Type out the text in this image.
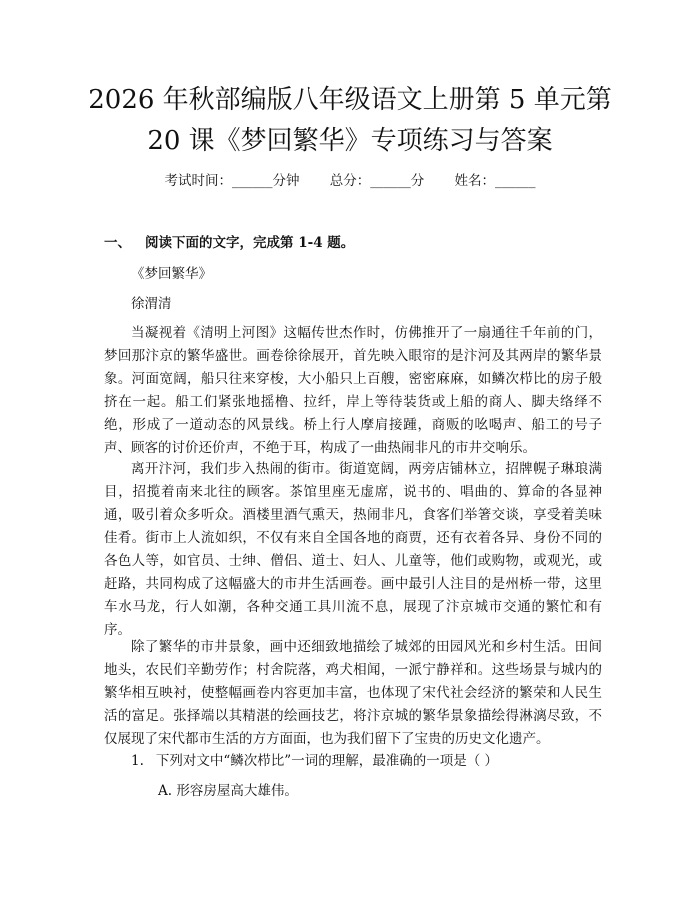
2026 年秋部编版八年级语文上册第 5 单元第
20 课《梦回繁华》专项练习与答案
考试时间：______分钟 总分：______分 姓名：______
一、 阅读下面的文字，完成第 1-4 题。
《梦回繁华》
徐渭清

当凝视着《清明上河图》这幅传世杰作时，仿佛推开了一扇通往千年前的门，梦回那汴京的繁华盛世。画卷徐徐展开，首先映入眼帘的是汴河及其两岸的繁华景象。河面宽阔，船只往来穿梭，大小船只上百艘，密密麻麻，如鳞次栉比的房子般挤在一起。船工们紧张地摇橹、拉纤，岸上等待装货或上船的商人、脚夫络绎不绝，形成了一道动态的风景线。桥上行人摩肩接踵，商贩的吆喝声、船工的号子声、顾客的讨价还价声，不绝于耳，构成了一曲热闹非凡的市井交响乐。

离开汴河，我们步入热闹的街市。街道宽阔，两旁店铺林立，招牌幌子琳琅满目，招揽着南来北往的顾客。茶馆里座无虚席，说书的、唱曲的、算命的各显神通，吸引着众多听众。酒楼里酒气熏天，热闹非凡，食客们举箸交谈，享受着美味佳肴。街市上人流如织，不仅有来自全国各地的商贾，还有衣着各异、身份不同的各色人等，如官员、士绅、僧侣、道士、妇人、儿童等，他们或购物，或观光，或赶路，共同构成了这幅盛大的市井生活画卷。画中最引人注目的是州桥一带，这里车水马龙，行人如潮，各种交通工具川流不息，展现了汴京城市交通的繁忙和有序。

除了繁华的市井景象，画中还细致地描绘了城郊的田园风光和乡村生活。田间地头，农民们辛勤劳作；村舍院落，鸡犬相闻，一派宁静祥和。这些场景与城内的繁华相互映衬，使整幅画卷内容更加丰富，也体现了宋代社会经济的繁荣和人民生活的富足。张择端以其精湛的绘画技艺，将汴京城的繁华景象描绘得淋漓尽致，不仅展现了宋代都市生活的方方面面，也为我们留下了宝贵的历史文化遗产。

1. 下列对文中“鳞次栉比”一词的理解，最准确的一项是（ ）
A. 形容房屋高大雄伟。
